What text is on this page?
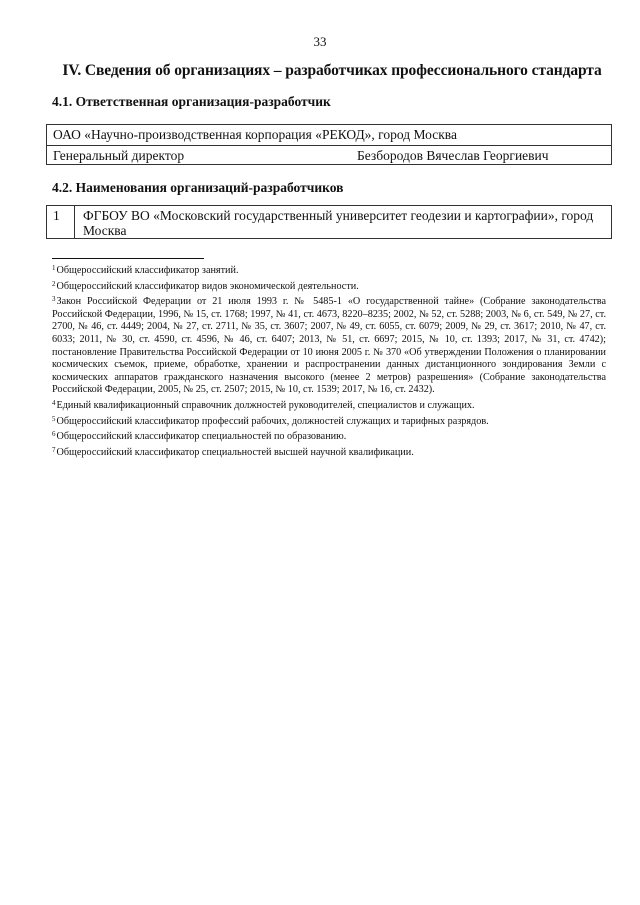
33
IV. Сведения об организациях – разработчиках профессионального стандарта
4.1. Ответственная организация-разработчик
ОАО «Научно-производственная корпорация «РЕКОД», город Москва
Генеральный директор	Безбородов Вячеслав Георгиевич
4.2. Наименования организаций-разработчиков
1	ФГБОУ ВО «Московский государственный университет геодезии и картографии», город Москва

$^1$Общероссийский классификатор занятий.

$^2$Общероссийский классификатор видов экономической деятельности.

$^3$Закон Российской Федерации от 21 июля 1993 г. № 5485-1 «О государственной тайне» (Собрание законодательства Российской Федерации, 1996, № 15, ст. 1768; 1997, № 41, ст. 4673, 8220–8235; 2002, № 52, ст. 5288; 2003, № 6, ст. 549, № 27, ст. 2700, № 46, ст. 4449; 2004, № 27, ст. 2711, № 35, ст. 3607; 2007, № 49, ст. 6055, ст. 6079; 2009, № 29, ст. 3617; 2010, № 47, ст. 6033; 2011, № 30, ст. 4590, ст. 4596, № 46, ст. 6407; 2013, № 51, ст. 6697; 2015, № 10, ст. 1393; 2017, № 31, ст. 4742); постановление Правительства Российской Федерации от 10 июня 2005 г. № 370 «Об утверждении Положения о планировании космических съемок, приеме, обработке, хранении и распространении данных дистанционного зондирования Земли с космических аппаратов гражданского назначения высокого (менее 2 метров) разрешения» (Собрание законодательства Российской Федерации, 2005, № 25, ст. 2507; 2015, № 10, ст. 1539; 2017, № 16, ст. 2432).

$^4$Единый квалификационный справочник должностей руководителей, специалистов и служащих.

$^5$Общероссийский классификатор профессий рабочих, должностей служащих и тарифных разрядов.

$^6$Общероссийский классификатор специальностей по образованию.

$^7$Общероссийский классификатор специальностей высшей научной квалификации.
